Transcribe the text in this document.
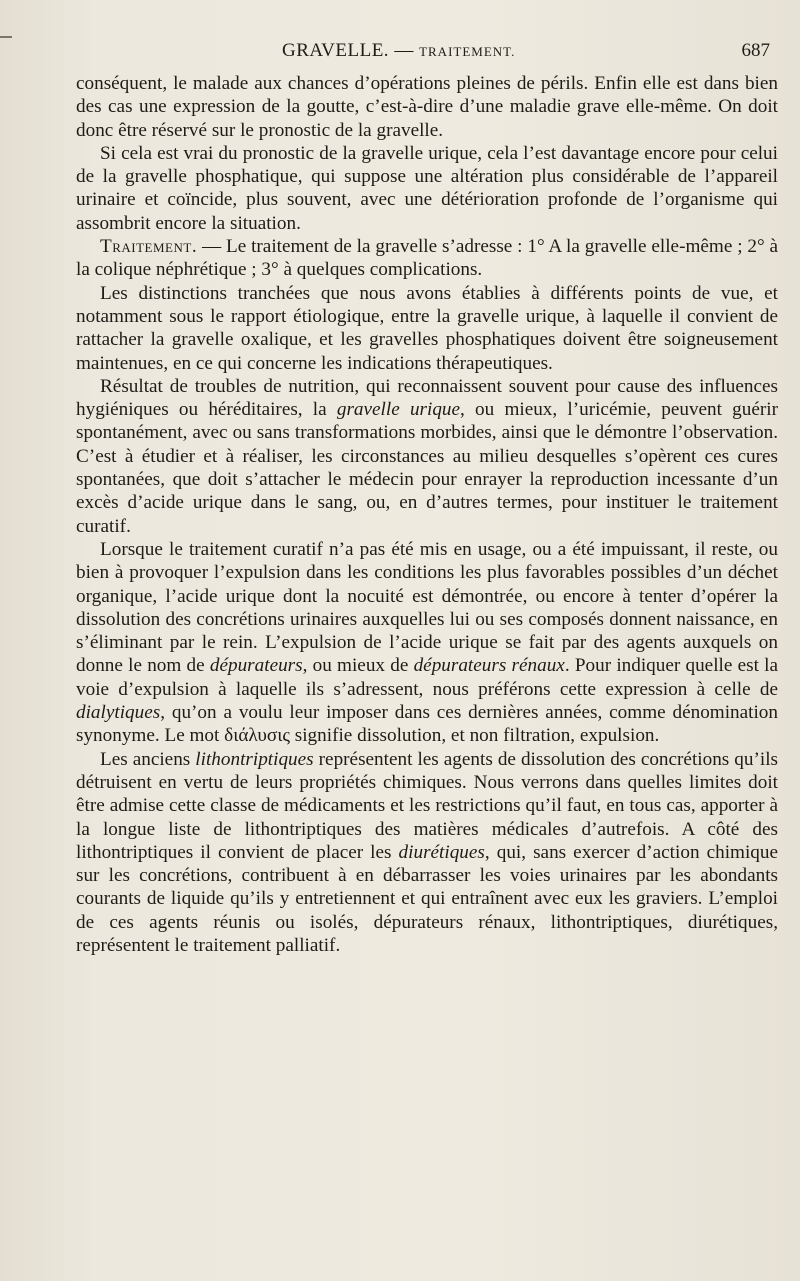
GRAVELLE. — TRAITEMENT.	687

conséquent, le malade aux chances d’opérations pleines de périls. Enfin elle est dans bien des cas une expression de la goutte, c’est-à-dire d’une maladie grave elle-même. On doit donc être réservé sur le pronostic de la gravelle.

Si cela est vrai du pronostic de la gravelle urique, cela l’est davantage encore pour celui de la gravelle phosphatique, qui suppose une altération plus considérable de l’appareil urinaire et coïncide, plus souvent, avec une détérioration profonde de l’organisme qui assombrit encore la situation.

Traitement. — Le traitement de la gravelle s’adresse : 1° A la gravelle elle-même ; 2° à la colique néphrétique ; 3° à quelques complications.

Les distinctions tranchées que nous avons établies à différents points de vue, et notamment sous le rapport étiologique, entre la gravelle urique, à laquelle il convient de rattacher la gravelle oxalique, et les gravelles phosphatiques doivent être soigneusement maintenues, en ce qui concerne les indications thérapeutiques.

Résultat de troubles de nutrition, qui reconnaissent souvent pour cause des influences hygiéniques ou héréditaires, la gravelle urique, ou mieux, l’uricémie, peuvent guérir spontanément, avec ou sans transformations morbides, ainsi que le démontre l’observation. C’est à étudier et à réaliser, les circonstances au milieu desquelles s’opèrent ces cures spontanées, que doit s’attacher le médecin pour enrayer la reproduction incessante d’un excès d’acide urique dans le sang, ou, en d’autres termes, pour instituer le traitement curatif.

Lorsque le traitement curatif n’a pas été mis en usage, ou a été impuissant, il reste, ou bien à provoquer l’expulsion dans les conditions les plus favorables possibles d’un déchet organique, l’acide urique dont la nocuité est démontrée, ou encore à tenter d’opérer la dissolution des concrétions urinaires auxquelles lui ou ses composés donnent naissance, en s’éliminant par le rein. L’expulsion de l’acide urique se fait par des agents auxquels on donne le nom de dépurateurs, ou mieux de dépurateurs rénaux. Pour indiquer quelle est la voie d’expulsion à laquelle ils s’adressent, nous préférons cette expression à celle de dialytiques, qu’on a voulu leur imposer dans ces dernières années, comme dénomination synonyme. Le mot διάλυσις signifie dissolution, et non filtration, expulsion.

Les anciens lithontriptiques représentent les agents de dissolution des concrétions qu’ils détruisent en vertu de leurs propriétés chimiques. Nous verrons dans quelles limites doit être admise cette classe de médicaments et les restrictions qu’il faut, en tous cas, apporter à la longue liste de lithontriptiques des matières médicales d’autrefois. A côté des lithontriptiques il convient de placer les diurétiques, qui, sans exercer d’action chimique sur les concrétions, contribuent à en débarrasser les voies urinaires par les abondants courants de liquide qu’ils y entretiennent et qui entraînent avec eux les graviers. L’emploi de ces agents réunis ou isolés, dépurateurs rénaux, lithontriptiques, diurétiques, représentent le traitement palliatif.
